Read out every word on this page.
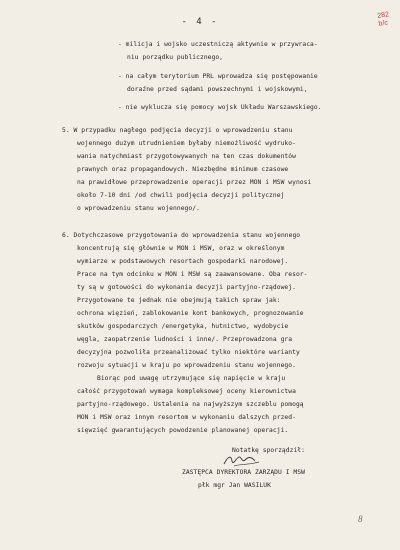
- 4 -
282
b/c
- milicja i wojsko uczestniczą aktywnie w przywraca-
niu porządku publicznego,
- na całym terytorium PRL wprowadza się postępowanie
doraźne przed sądami powszechnymi i wojskowymi,
- nie wyklucza się pomocy wojsk Układu Warszawskiego.
5. W przypadku nagłego podjęcia decyzji o wprowadzeniu stanu
wojennego dużym utrudnieniem byłaby niemożliwość wydruko-
wania natychmiast przygotowywanych na ten czas dokumentów
prawnych oraz propagandowych. Niezbędne minimum czasowe
na prawidłowe przeprowadzenie operacji przez MON i MSW wynosi
około 7-10 dni /od chwili podjęcia decyzji politycznej
o wprowadzeniu stanu wojennego/.
6. Dotychczasowe przygotowania do wprowadzenia stanu wojennego
koncentrują się głównie w MON i MSW, oraz w określonym
wymiarze w podstawowych resortach gospodarki narodowej.
Prace na tym odcinku w MON i MSW są zaawansowane. Oba resor-
ty są w gotowości do wykonania decyzji partyjno-rządowej.
Przygotowane te jednak nie obejmują takich spraw jak:
ochrona więzień, zablokowanie kont bankowych, prognozowanie
skutków gospodarczych /energetyka, hutnictwo, wydobycie
węgla, zaopatrzenie ludności i inne/. Przeprowadzona gra
decyzyjna pozwoliła przeanalizować tylko niektóre warianty
rozwoju sytuacji w kraju po wprowadzeniu stanu wojennego.
Biorąc pod uwagę utrzymujące się napięcie w kraju
całość przygotowań wymaga kompleksowej oceny kierownictwa
partyjno-rządowego. Ustalenia na najwyższym szczeblu pomogą
MON i MSW oraz innym resortom w wykonaniu dalszych przed-
sięwzięć gwarantujących powodzenie planowanej operacji.
Notatkę sporządził:
ZASTĘPCA DYREKTORA ZARZĄDU I MSW
płk mgr Jan WASILUK
8
